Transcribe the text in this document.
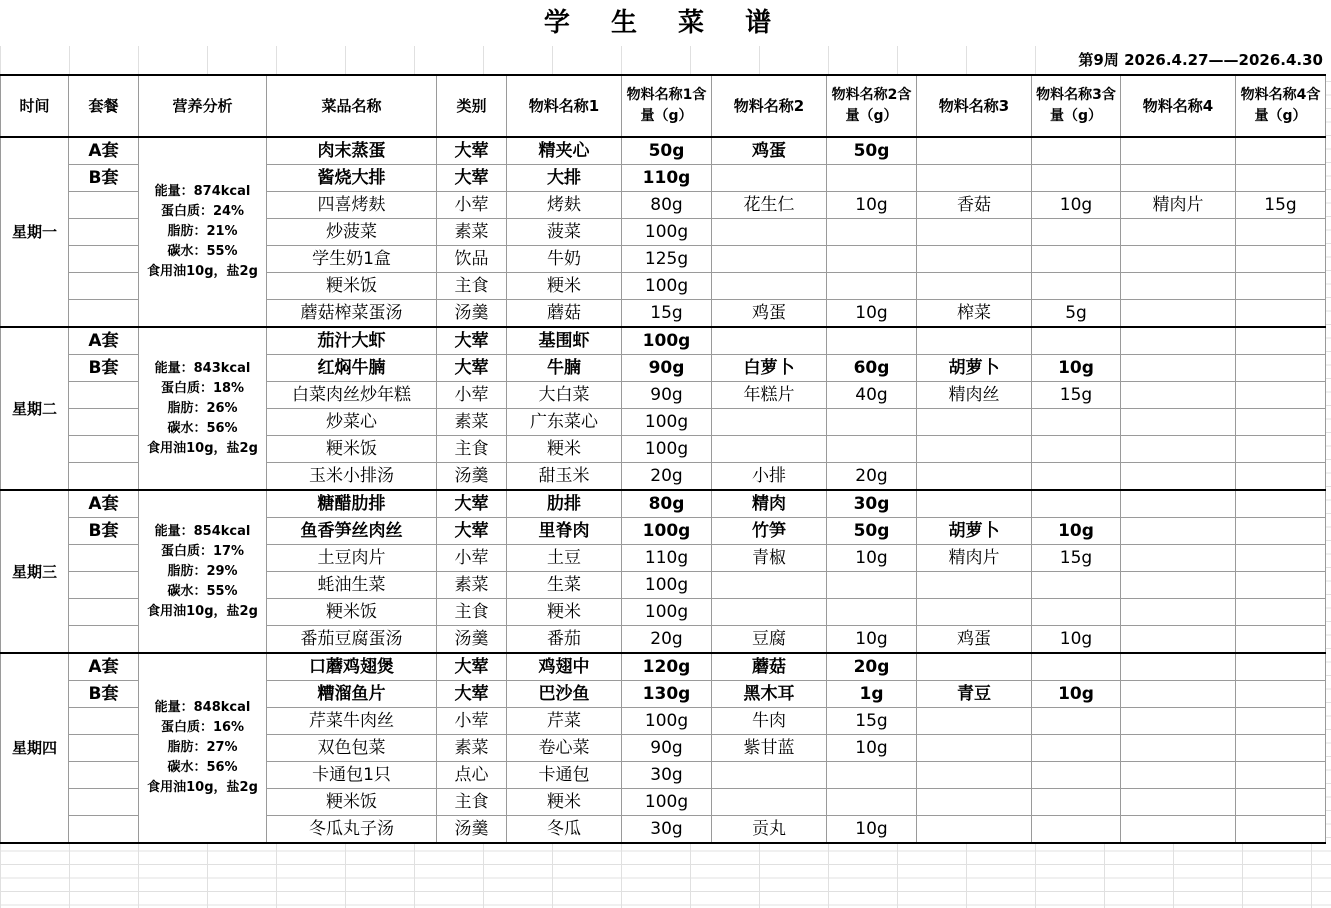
学 生 菜 谱
第9周 2026.4.27——2026.4.30
时间	套餐	营养分析	菜品名称	类别	物料名称1	物料名称1含量（g）	物料名称2	物料名称2含量（g）	物料名称3	物料名称3含量（g）	物料名称4	物料名称4含量（g）
星期一	A套	能量：874kcal
蛋白质：24%
脂肪：21%
碳水：55%
食用油10g，盐2g	肉末蒸蛋	大荤	精夹心	50g	鸡蛋	50g				
	B套		酱烧大排	大荤	大排	110g						
			四喜烤麸	小荤	烤麸	80g	花生仁	10g	香菇	10g	精肉片	15g
			炒菠菜	素菜	菠菜	100g						
			学生奶1盒	饮品	牛奶	125g						
			粳米饭	主食	粳米	100g						
			蘑菇榨菜蛋汤	汤羹	蘑菇	15g	鸡蛋	10g	榨菜	5g		
星期二	A套	能量：843kcal
蛋白质：18%
脂肪：26%
碳水：56%
食用油10g，盐2g	茄汁大虾	大荤	基围虾	100g						
	B套		红焖牛腩	大荤	牛腩	90g	白萝卜	60g	胡萝卜	10g		
			白菜肉丝炒年糕	小荤	大白菜	90g	年糕片	40g	精肉丝	15g		
			炒菜心	素菜	广东菜心	100g						
			粳米饭	主食	粳米	100g						
			玉米小排汤	汤羹	甜玉米	20g	小排	20g				
星期三	A套	能量：854kcal
蛋白质：17%
脂肪：29%
碳水：55%
食用油10g，盐2g	糖醋肋排	大荤	肋排	80g	精肉	30g				
	B套		鱼香笋丝肉丝	大荤	里脊肉	100g	竹笋	50g	胡萝卜	10g		
			土豆肉片	小荤	土豆	110g	青椒	10g	精肉片	15g		
			蚝油生菜	素菜	生菜	100g						
			粳米饭	主食	粳米	100g						
			番茄豆腐蛋汤	汤羹	番茄	20g	豆腐	10g	鸡蛋	10g		
星期四	A套	能量：848kcal
蛋白质：16%
脂肪：27%
碳水：56%
食用油10g，盐2g	口蘑鸡翅煲	大荤	鸡翅中	120g	蘑菇	20g				
	B套		糟溜鱼片	大荤	巴沙鱼	130g	黑木耳	1g	青豆	10g		
			芹菜牛肉丝	小荤	芹菜	100g	牛肉	15g				
			双色包菜	素菜	卷心菜	90g	紫甘蓝	10g				
			卡通包1只	点心	卡通包	30g						
			粳米饭	主食	粳米	100g						
			冬瓜丸子汤	汤羹	冬瓜	30g	贡丸	10g				
